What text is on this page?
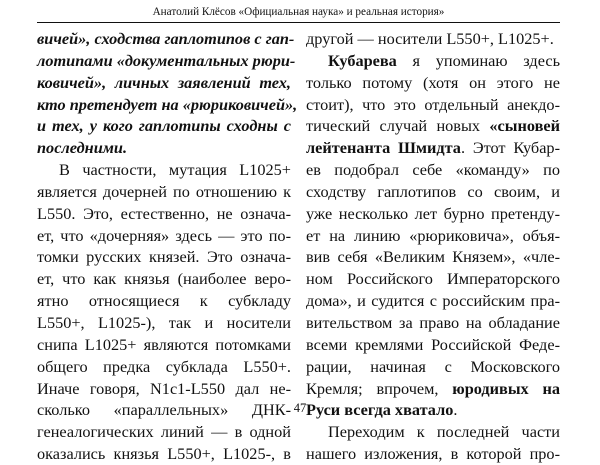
Анатолий Клёсов «Официальная наука» и реальная история»
вичей», сходства гаплотипов с гап-
лотипами «документальных рюри-
ковичей», личных заявлений тех,
кто претендует на «рюриковичей»,
и тех, у кого гаплотипы сходны с
последними.
В частности, мутация L1025+
является дочерней по отношению к
L550. Это, естественно, не означа-
ет, что «дочерняя» здесь — это по-
томки русских князей. Это означа-
ет, что как князья (наиболее веро-
ятно относящиеся к субкладу
L550+, L1025-), так и носители
снипа L1025+ являются потомками
общего предка субклада L550+.
Иначе говоря, N1c1-L550 дал не-
сколько «параллельных» ДНК-
генеалогических линий — в одной
оказались князья L550+, L1025-, в
другой — носители L550+, L1025+.
Кубарева я упоминаю здесь
только потому (хотя он этого не
стоит), что это отдельный анекдо-
тический случай новых «сыновей
лейтенанта Шмидта. Этот Кубар-
ев подобрал себе «команду» по
сходству гаплотипов со своим, и
уже несколько лет бурно претенду-
ет на линию «рюриковича», объя-
вив себя «Великим Князем», «чле-
ном Российского Императорского
дома», и судится с российским пра-
вительством за право на обладание
всеми кремлями Российской Феде-
рации, начиная с Московского
Кремля; впрочем, юродивых на
Руси всегда хватало.
Переходим к последней части
нашего изложения, в которой про-
47
